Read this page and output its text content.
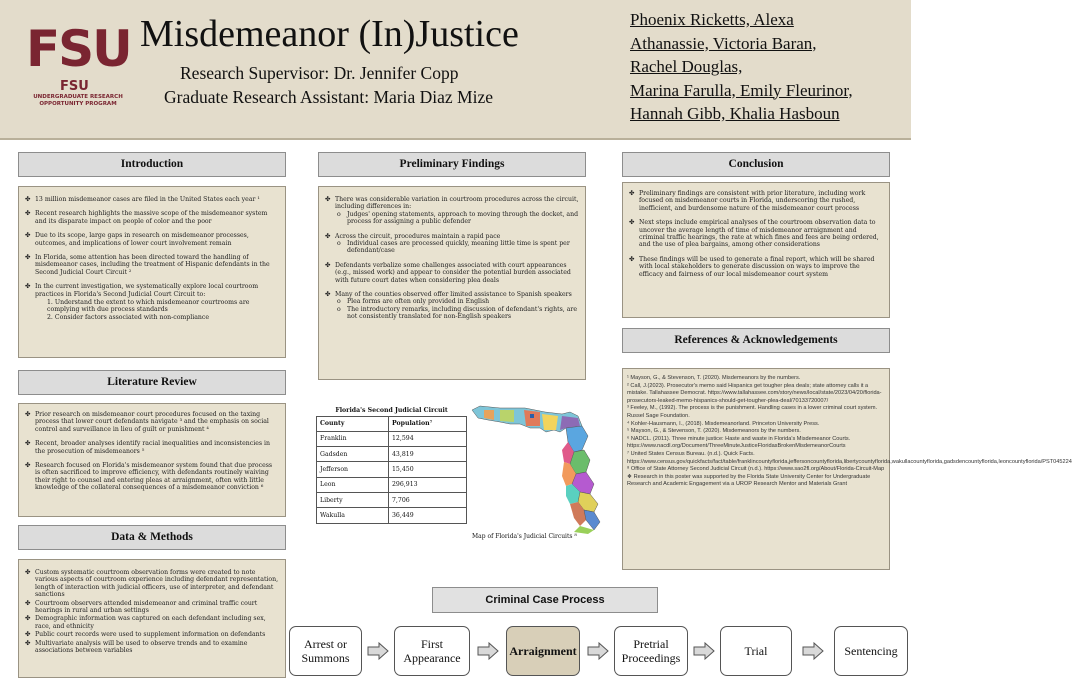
FSU
FSU
UNDERGRADUATE RESEARCH OPPORTUNITY PROGRAM
Misdemeanor (In)Justice
Research Supervisor: Dr. Jennifer Copp
Graduate Research Assistant: Maria Diaz Mize
Phoenix Ricketts, Alexa
Athanassie, Victoria Baran,
Rachel Douglas,
Marina Farulla, Emily Fleurinor,
Hannah Gibb, Khalia Hasboun
Introduction
✤ 13 million misdemeanor cases are filed in the United States each year ¹
✤ Recent research highlights the massive scope of the misdemeanor system and its disparate impact on people of color and the poor
✤ Due to its scope, large gaps in research on misdemeanor processes, outcomes, and implications of lower court involvement remain
✤ In Florida, some attention has been directed toward the handling of misdemeanor cases, including the treatment of Hispanic defendants in the Second Judicial Court Circuit ²
✤ In the current investigation, we systematically explore local courtroom practices in Florida's Second Judicial Court Circuit to:
1. Understand the extent to which misdemeanor courtrooms are complying with due process standards
2. Consider factors associated with non-compliance
Literature Review
✤ Prior research on misdemeanor court procedures focused on the taxing process that lower court defendants navigate ³ and the emphasis on social control and surveillance in lieu of guilt or punishment ⁴
✤ Recent, broader analyses identify racial inequalities and inconsistencies in the prosecution of misdemeanors ⁵
✤ Research focused on Florida's misdemeanor system found that due process is often sacrificed to improve efficiency, with defendants routinely waiving their right to counsel and entering pleas at arraignment, often with little knowledge of the collateral consequences of a misdemeanor conviction ⁶
Data & Methods
✤ Custom systematic courtroom observation forms were created to note various aspects of courtroom experience including defendant representation, length of interaction with judicial officers, use of interpreter, and defendant sanctions
✤ Courtroom observers attended misdemeanor and criminal traffic court hearings in rural and urban settings
✤ Demographic information was captured on each defendant including sex, race, and ethnicity
✤ Public court records were used to supplement information on defendants
✤ Multivariate analysis will be used to observe trends and to examine associations between variables
Preliminary Findings
✤ There was considerable variation in courtroom procedures across the circuit, including differences in:
o Judges' opening statements, approach to moving through the docket, and process for assigning a public defender
✤ Across the circuit, procedures maintain a rapid pace
o Individual cases are processed quickly, meaning little time is spent per defendant/case
✤ Defendants verbalize some challenges associated with court appearances (e.g., missed work) and appear to consider the potential burden associated with future court dates when considering plea deals
✤ Many of the counties observed offer limited assistance to Spanish speakers
o Plea forms are often only provided in English
o The introductory remarks, including discussion of defendant's rights, are not consistently translated for non-English speakers
Florida's Second Judicial Circuit	
County	Population⁷
Franklin	12,594
Gadsden	43,819
Jefferson	15,450
Leon	296,913
Liberty	7,706
Wakulla	36,449
Map of Florida's Judicial Circuits ⁸
Conclusion
✤ Preliminary findings are consistent with prior literature, including work focused on misdemeanor courts in Florida, underscoring the rushed, inefficient, and burdensome nature of the misdemeanor court process
✤ Next steps include empirical analyses of the courtroom observation data to uncover the average length of time of misdemeanor arraignment and criminal traffic hearings, the rate at which fines and fees are being ordered, and the use of plea bargains, among other considerations
✤ These findings will be used to generate a final report, which will be shared with local stakeholders to generate discussion on ways to improve the efficacy and fairness of our local misdemeanor court system
References & Acknowledgements

¹ Mayson, G., & Stevenson, T. (2020). Misdemeanors by the numbers.

² Call, J.(2023). Prosecutor's memo said Hispanics get tougher plea deals; state attorney calls it a mistake. Tallahassee Democrat. https://www.tallahassee.com/story/news/local/state/2023/04/20/florida-prosecutors-leaked-memo-hispanics-should-get-tougher-plea-deal/70133720007/

³ Feeley, M., (1992). The process is the punishment. Handling cases in a lower criminal court system. Russel Sage Foundation.

⁴ Kohler-Hausmann, I., (2018). Misdemeanorland. Princeton University Press.

⁵ Mayson, G., & Stevenson, T. (2020). Misdemeanors by the numbers.

⁶ NADCL. (2011). Three minute justice: Haste and waste in Florida's Misdemeanor Courts. https://www.nacdl.org/Document/ThreeMinuteJusticeFloridasBrokenMisdemeanorCourts

⁷ United States Census Bureau. (n.d.). Quick Facts. https://www.census.gov/quickfacts/fact/table/franklincountyflorida,jeffersoncountyflorida,libertycountyflorida,wakullacountyflorida,gadsdencountyflorida,leoncountyflorida/PST045224

⁸ Office of State Attorney Second Judicial Circuit (n.d.). https://www.sao2fl.org/About/Florida-Circuit-Map

❖ Research in this poster was supported by the Florida State University Center for Undergraduate Research and Academic Engagement via a UROP Research Mentor and Materials Grant

Criminal Case Process
Arrest or Summons
First Appearance	Arraignment	Pretrial Proceedings	Trial	Sentencing
